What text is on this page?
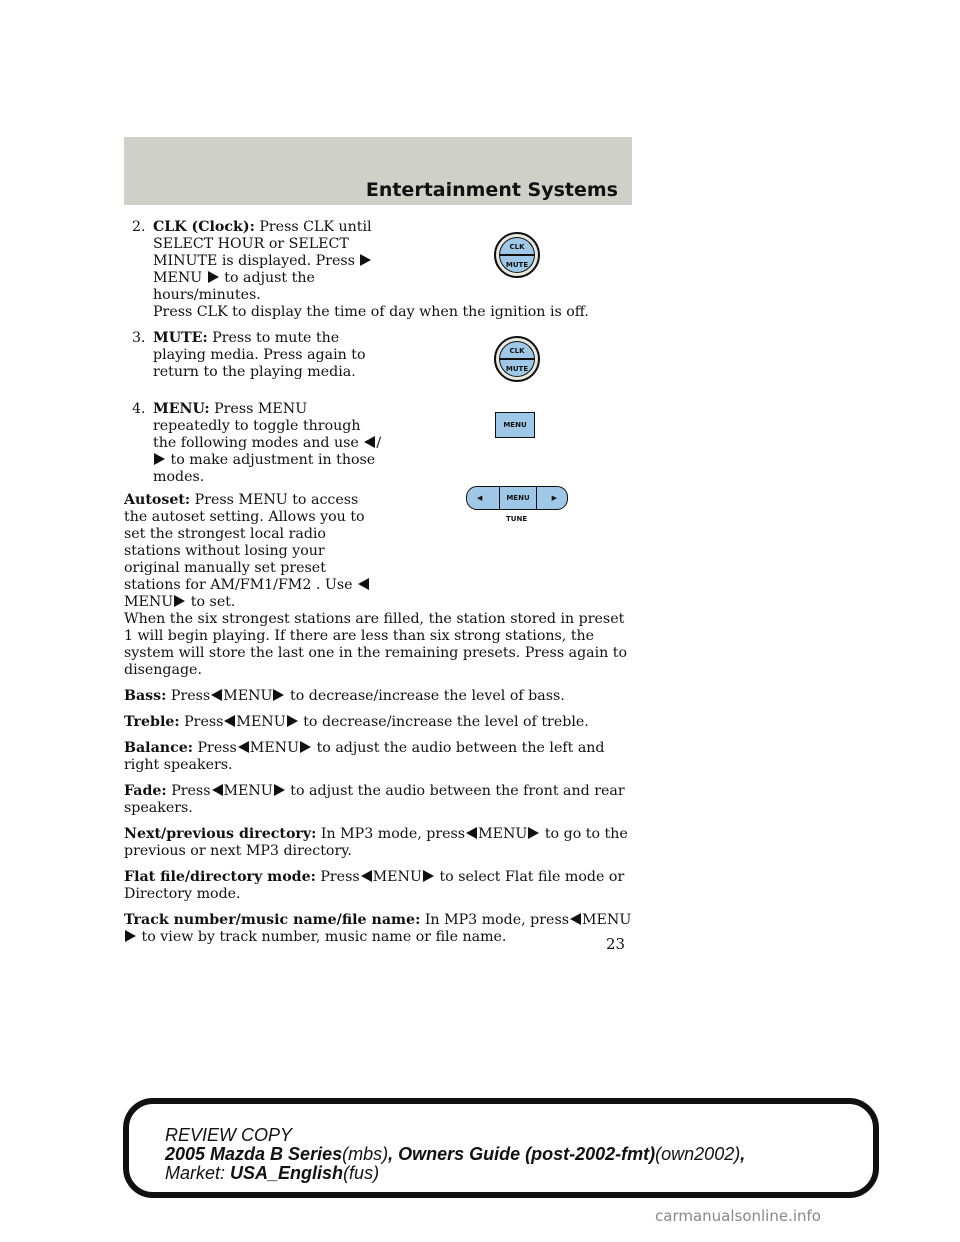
Entertainment Systems
CLK
MUTE
CLK
MUTE
MENU
◀	MENU	▶
TUNE
2. CLK (Clock): Press CLK until SELECT HOUR or SELECT MINUTE is displayed. Press
MENU to adjust the hours/minutes.
Press CLK to display the time of day when the ignition is off.
3. MUTE: Press to mute the playing media. Press again to return to the playing media.
4. MENU: Press MENU repeatedly to toggle through the following modes and use / to make adjustment in those modes.
Autoset: Press MENU to access the autoset setting. Allows you to set the strongest local radio stations without losing your original manually set preset stations for AM/FM1/FM2 . Use MENU to set.
When the six strongest stations are filled, the station stored in preset 1 will begin playing. If there are less than six strong stations, the system will store the last one in the remaining presets. Press again to disengage.
Bass: Press MENU to decrease/increase the level of bass.
Treble: Press MENU to decrease/increase the level of treble.
Balance: Press MENU to adjust the audio between the left and right speakers.
Fade: Press MENU to adjust the audio between the front and rear speakers.
Next/previous directory: In MP3 mode, press MENU to go to the previous or next MP3 directory.
Flat file/directory mode: Press MENU to select Flat file mode or Directory mode.
Track number/music name/file name: In MP3 mode, press MENU to view by track number, music name or file name.	23
REVIEW COPY
2005 Mazda B Series(mbs), Owners Guide (post-2002-fmt)(own2002),
Market: USA_English(fus)
carmanualsonline.info
